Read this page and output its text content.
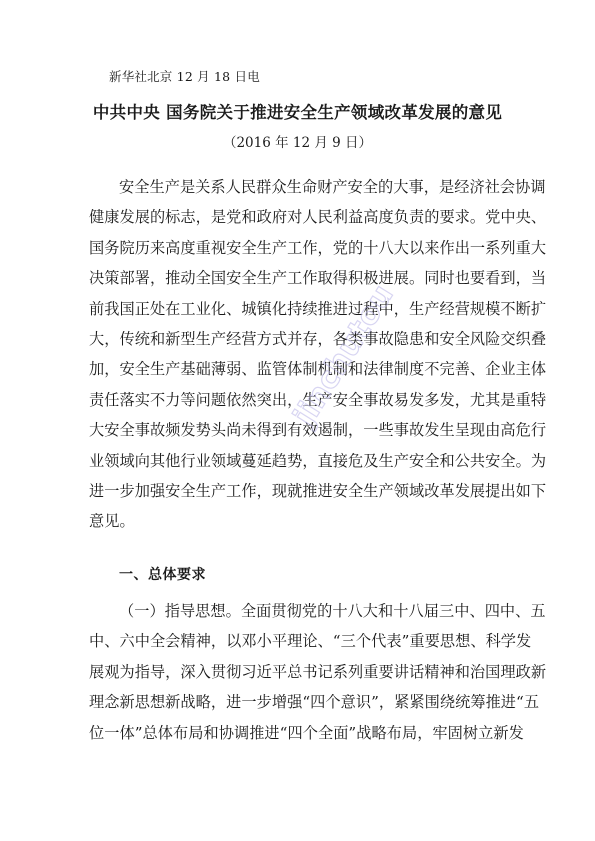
新华社北京 12 月 18 日电
中共中央 国务院关于推进安全生产领域改革发展的意见
（2016 年 12 月 9 日）
安全生产是关系人民群众生命财产安全的大事，是经济社会协调
健康发展的标志，是党和政府对人民利益高度负责的要求。党中央、
国务院历来高度重视安全生产工作，党的十八大以来作出一系列重大
决策部署，推动全国安全生产工作取得积极进展。同时也要看到，当
前我国正处在工业化、城镇化持续推进过程中，生产经营规模不断扩
大，传统和新型生产经营方式并存，各类事故隐患和安全风险交织叠
加，安全生产基础薄弱、监管体制机制和法律制度不完善、企业主体
责任落实不力等问题依然突出，生产安全事故易发多发，尤其是重特
大安全事故频发势头尚未得到有效遏制，一些事故发生呈现由高危行
业领域向其他行业领域蔓延趋势，直接危及生产安全和公共安全。为
进一步加强安全生产工作，现就推进安全生产领域改革发展提出如下
意见。
一、总体要求
（一）指导思想。全面贯彻党的十八大和十八届三中、四中、五
中、六中全会精神，以邓小平理论、“三个代表”重要思想、科学发
展观为指导，深入贯彻习近平总书记系列重要讲话精神和治国理政新
理念新思想新战略，进一步增强“四个意识”，紧紧围绕统筹推进“五
位一体”总体布局和协调推进“四个全面”战略布局，牢固树立新发
jinchutou
